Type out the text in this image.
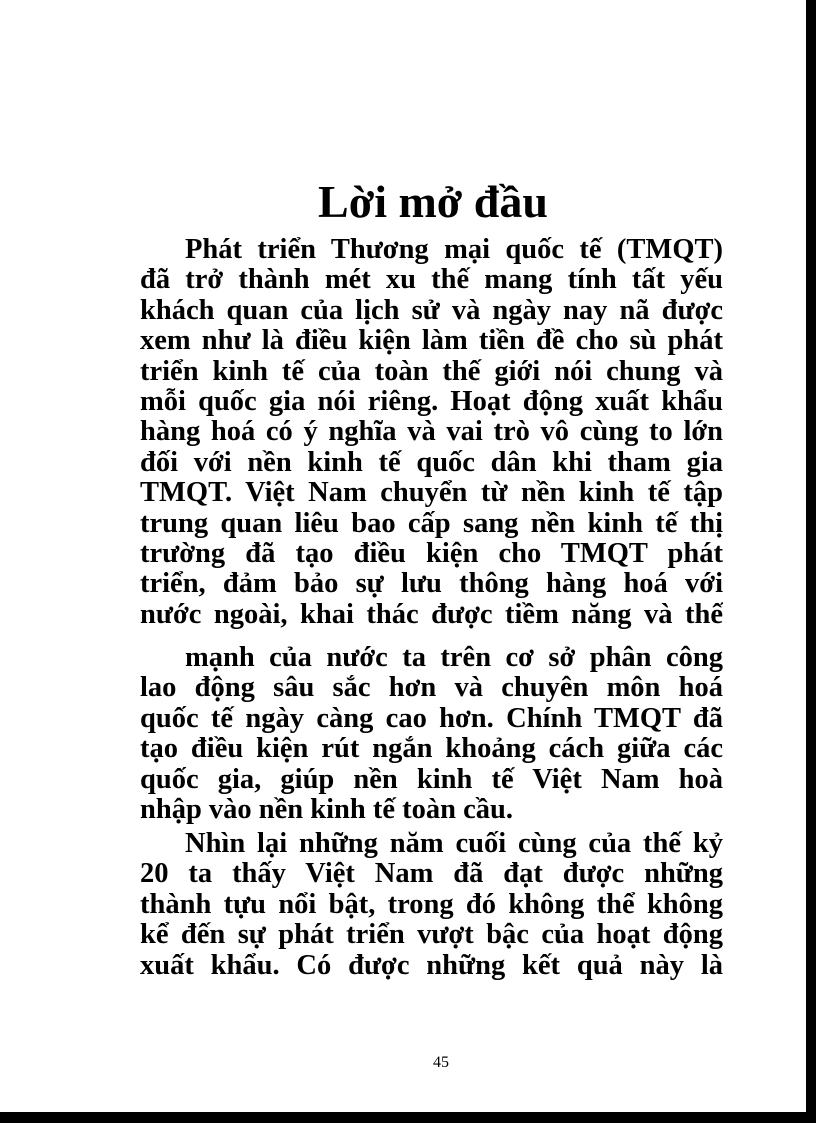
Lời mở đầu
Phát triển Thương mại quốc tế (TMQT)
đã trở thành mét xu thế mang tính tất yếu
khách quan của lịch sử và ngày nay nã được
xem như là điều kiện làm tiền đề cho sù phát
triển kinh tế của toàn thế giới nói chung và
mỗi quốc gia nói riêng. Hoạt động xuất khẩu
hàng hoá có ý nghĩa và vai trò vô cùng to lớn
đối với nền kinh tế quốc dân khi tham gia
TMQT. Việt Nam chuyển từ nền kinh tế tập
trung quan liêu bao cấp sang nền kinh tế thị
trường đã tạo điều kiện cho TMQT phát
triển, đảm bảo sự lưu thông hàng hoá với
nước ngoài, khai thác được tiềm năng và thế
mạnh của nước ta trên cơ sở phân công
lao động sâu sắc hơn và chuyên môn hoá
quốc tế ngày càng cao hơn. Chính TMQT đã
tạo điều kiện rút ngắn khoảng cách giữa các
quốc gia, giúp nền kinh tế Việt Nam hoà
nhập vào nền kinh tế toàn cầu.
Nhìn lại những năm cuối cùng của thế kỷ
20 ta thấy Việt Nam đã đạt được những
thành tựu nổi bật, trong đó không thể không
kể đến sự phát triển vượt bậc của hoạt động
xuất khẩu. Có được những kết quả này là

45
